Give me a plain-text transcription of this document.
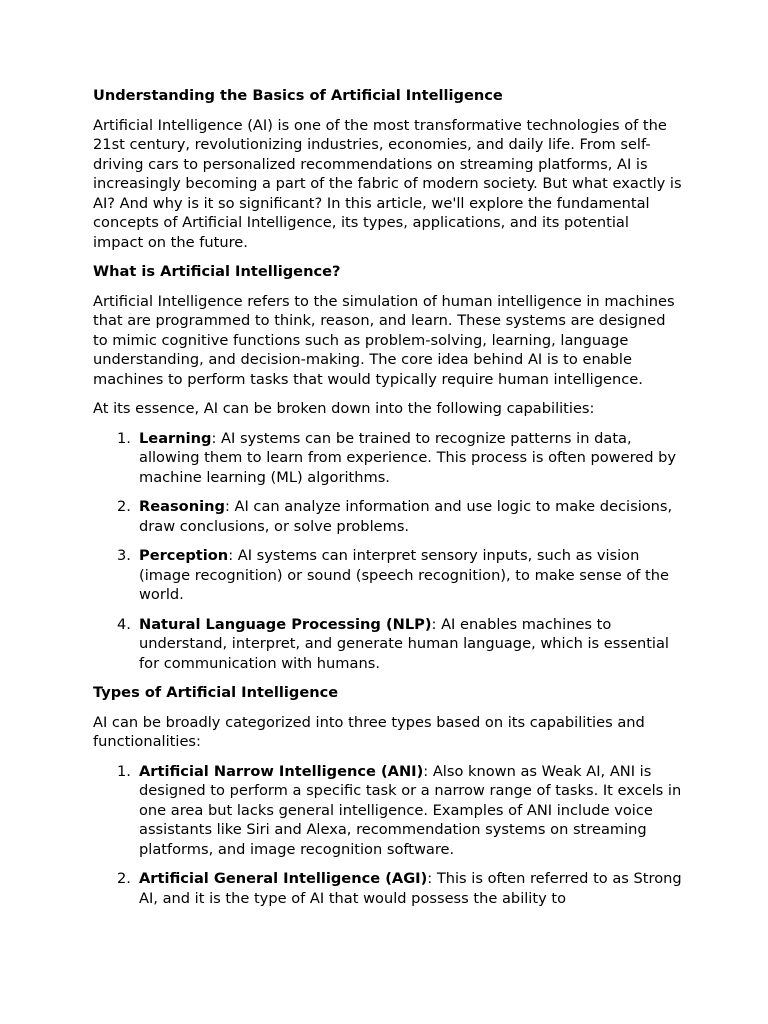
Understanding the Basics of Artificial Intelligence
Artificial Intelligence (AI) is one of the most transformative technologies of the 21st century, revolutionizing industries, economies, and daily life. From self-driving cars to personalized recommendations on streaming platforms, AI is increasingly becoming a part of the fabric of modern society. But what exactly is AI? And why is it so significant? In this article, we'll explore the fundamental concepts of Artificial Intelligence, its types, applications, and its potential impact on the future.
What is Artificial Intelligence?
Artificial Intelligence refers to the simulation of human intelligence in machines that are programmed to think, reason, and learn. These systems are designed to mimic cognitive functions such as problem-solving, learning, language understanding, and decision-making. The core idea behind AI is to enable machines to perform tasks that would typically require human intelligence.
At its essence, AI can be broken down into the following capabilities:
1. Learning: AI systems can be trained to recognize patterns in data, allowing them to learn from experience. This process is often powered by machine learning (ML) algorithms.
2. Reasoning: AI can analyze information and use logic to make decisions, draw conclusions, or solve problems.
3. Perception: AI systems can interpret sensory inputs, such as vision (image recognition) or sound (speech recognition), to make sense of the world.
4. Natural Language Processing (NLP): AI enables machines to understand, interpret, and generate human language, which is essential for communication with humans.
Types of Artificial Intelligence
AI can be broadly categorized into three types based on its capabilities and functionalities:
1. Artificial Narrow Intelligence (ANI): Also known as Weak AI, ANI is designed to perform a specific task or a narrow range of tasks. It excels in one area but lacks general intelligence. Examples of ANI include voice assistants like Siri and Alexa, recommendation systems on streaming platforms, and image recognition software.
2. Artificial General Intelligence (AGI): This is often referred to as Strong AI, and it is the type of AI that would possess the ability to
